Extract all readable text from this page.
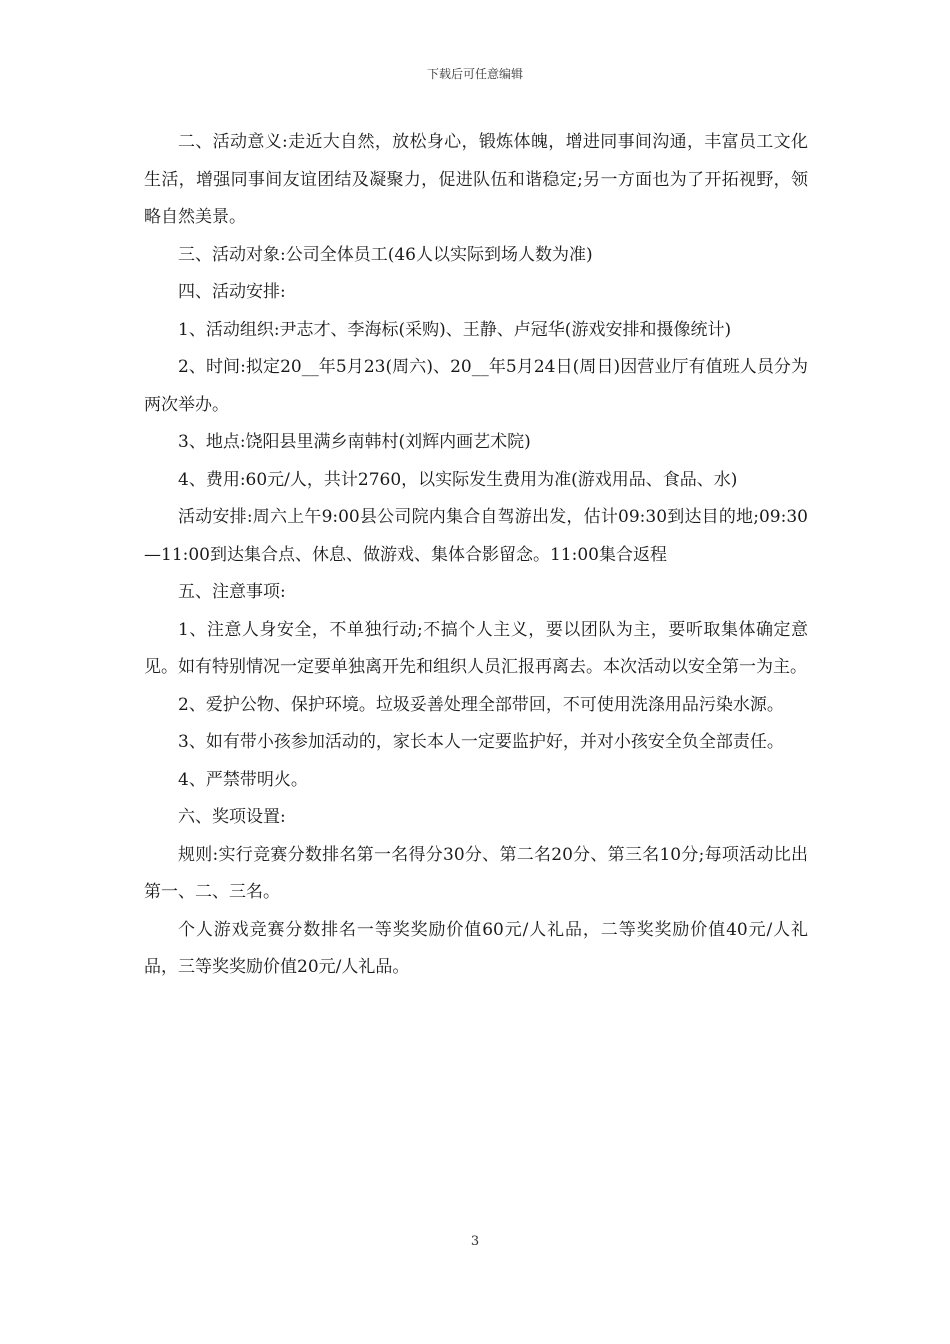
下载后可任意编辑

二、活动意义:走近大自然，放松身心，锻炼体魄，增进同事间沟通，丰富员工文化生活，增强同事间友谊团结及凝聚力，促进队伍和谐稳定;另一方面也为了开拓视野，领略自然美景。

三、活动对象:公司全体员工(46人以实际到场人数为准)

四、活动安排:

1、活动组织:尹志才、李海标(采购)、王静、卢冠华(游戏安排和摄像统计)

2、时间:拟定20__年5月23(周六)、20__年5月24日(周日)因营业厅有值班人员分为两次举办。

3、地点:饶阳县里满乡南韩村(刘辉内画艺术院)

4、费用:60元/人，共计2760，以实际发生费用为准(游戏用品、食品、水)

活动安排:周六上午9:00县公司院内集合自驾游出发，估计09:30到达目的地;09:30—11:00到达集合点、休息、做游戏、集体合影留念。11:00集合返程

五、注意事项:

1、注意人身安全，不单独行动;不搞个人主义，要以团队为主，要听取集体确定意见。如有特别情况一定要单独离开先和组织人员汇报再离去。本次活动以安全第一为主。

2、爱护公物、保护环境。垃圾妥善处理全部带回，不可使用洗涤用品污染水源。

3、如有带小孩参加活动的，家长本人一定要监护好，并对小孩安全负全部责任。

4、严禁带明火。

六、奖项设置:

规则:实行竞赛分数排名第一名得分30分、第二名20分、第三名10分;每项活动比出第一、二、三名。

个人游戏竞赛分数排名一等奖奖励价值60元/人礼品，二等奖奖励价值40元/人礼品，三等奖奖励价值20元/人礼品。

3
